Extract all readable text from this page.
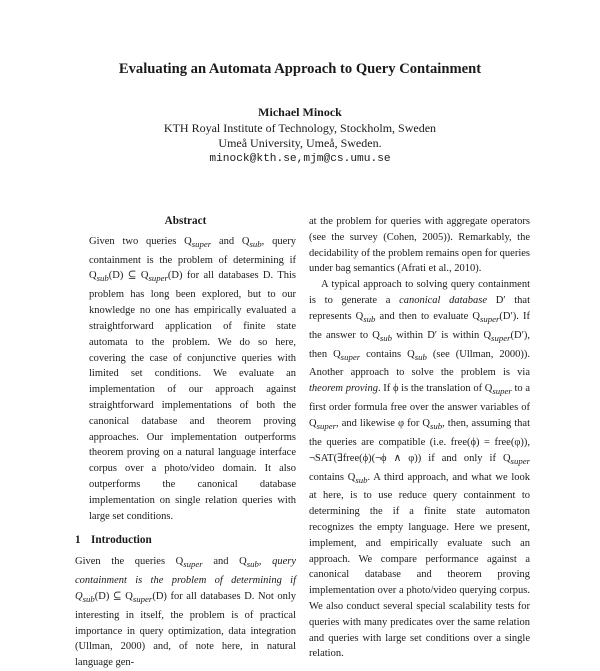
Evaluating an Automata Approach to Query Containment
Michael Minock
KTH Royal Institute of Technology, Stockholm, Sweden
Umeå University, Umeå, Sweden.
minock@kth.se,mjm@cs.umu.se
Abstract

Given two queries $Q_{super}$ and $Q_{sub}$, query containment is the problem of determining if $Q_{sub}(D)$ ⊆ $Q_{super}(D)$ for all databases D. This problem has long been explored, but to our knowledge no one has empirically evaluated a straightforward application of finite state automata to the problem. We do so here, covering the case of conjunctive queries with limited set conditions. We evaluate an implementation of our approach against straightforward implementations of both the canonical database and theorem proving approaches. Our implementation outperforms theorem proving on a natural language interface corpus over a photo/video domain. It also outperforms the canonical database implementation on single relation queries with large set conditions.

1 Introduction

Given the queries $Q_{super}$ and $Q_{sub}$, query containment is the problem of determining if $Q_{sub}(D)$ ⊆ $Q_{super}(D)$ for all databases D. Not only interesting in itself, the problem is of practical importance in query optimization, data integration (Ullman, 2000) and, of note here, in natural language gen-

at the problem for queries with aggregate operators (see the survey (Cohen, 2005)). Remarkably, the decidability of the problem remains open for queries under bag semantics (Afrati et al., 2010).

A typical approach to solving query containment is to generate a canonical database D′ that represents $Q_{sub}$ and then to evaluate $Q_{super}(D')$. If the answer to $Q_{sub}$ within D′ is within $Q_{super}(D')$, then $Q_{super}$ contains $Q_{sub}$ (see (Ullman, 2000)). Another approach to solve the problem is via theorem proving. If ϕ is the translation of $Q_{super}$ to a first order formula free over the answer variables of $Q_{super}$, and likewise φ for $Q_{sub}$, then, assuming that the queries are compatible (i.e. free(ϕ) = free(φ)), ¬SAT(∃free(ϕ)(¬ϕ ∧ φ)) if and only if $Q_{super}$ contains $Q_{sub}$. A third approach, and what we look at here, is to use reduce query containment to determining the if a finite state automaton recognizes the empty language. Here we present, implement, and empirically evaluate such an approach. We compare performance against a canonical database and theorem proving implementation over a photo/video querying corpus. We also conduct several special scalability tests for queries with many predicates over the same relation and queries with large set conditions over a single relation.
